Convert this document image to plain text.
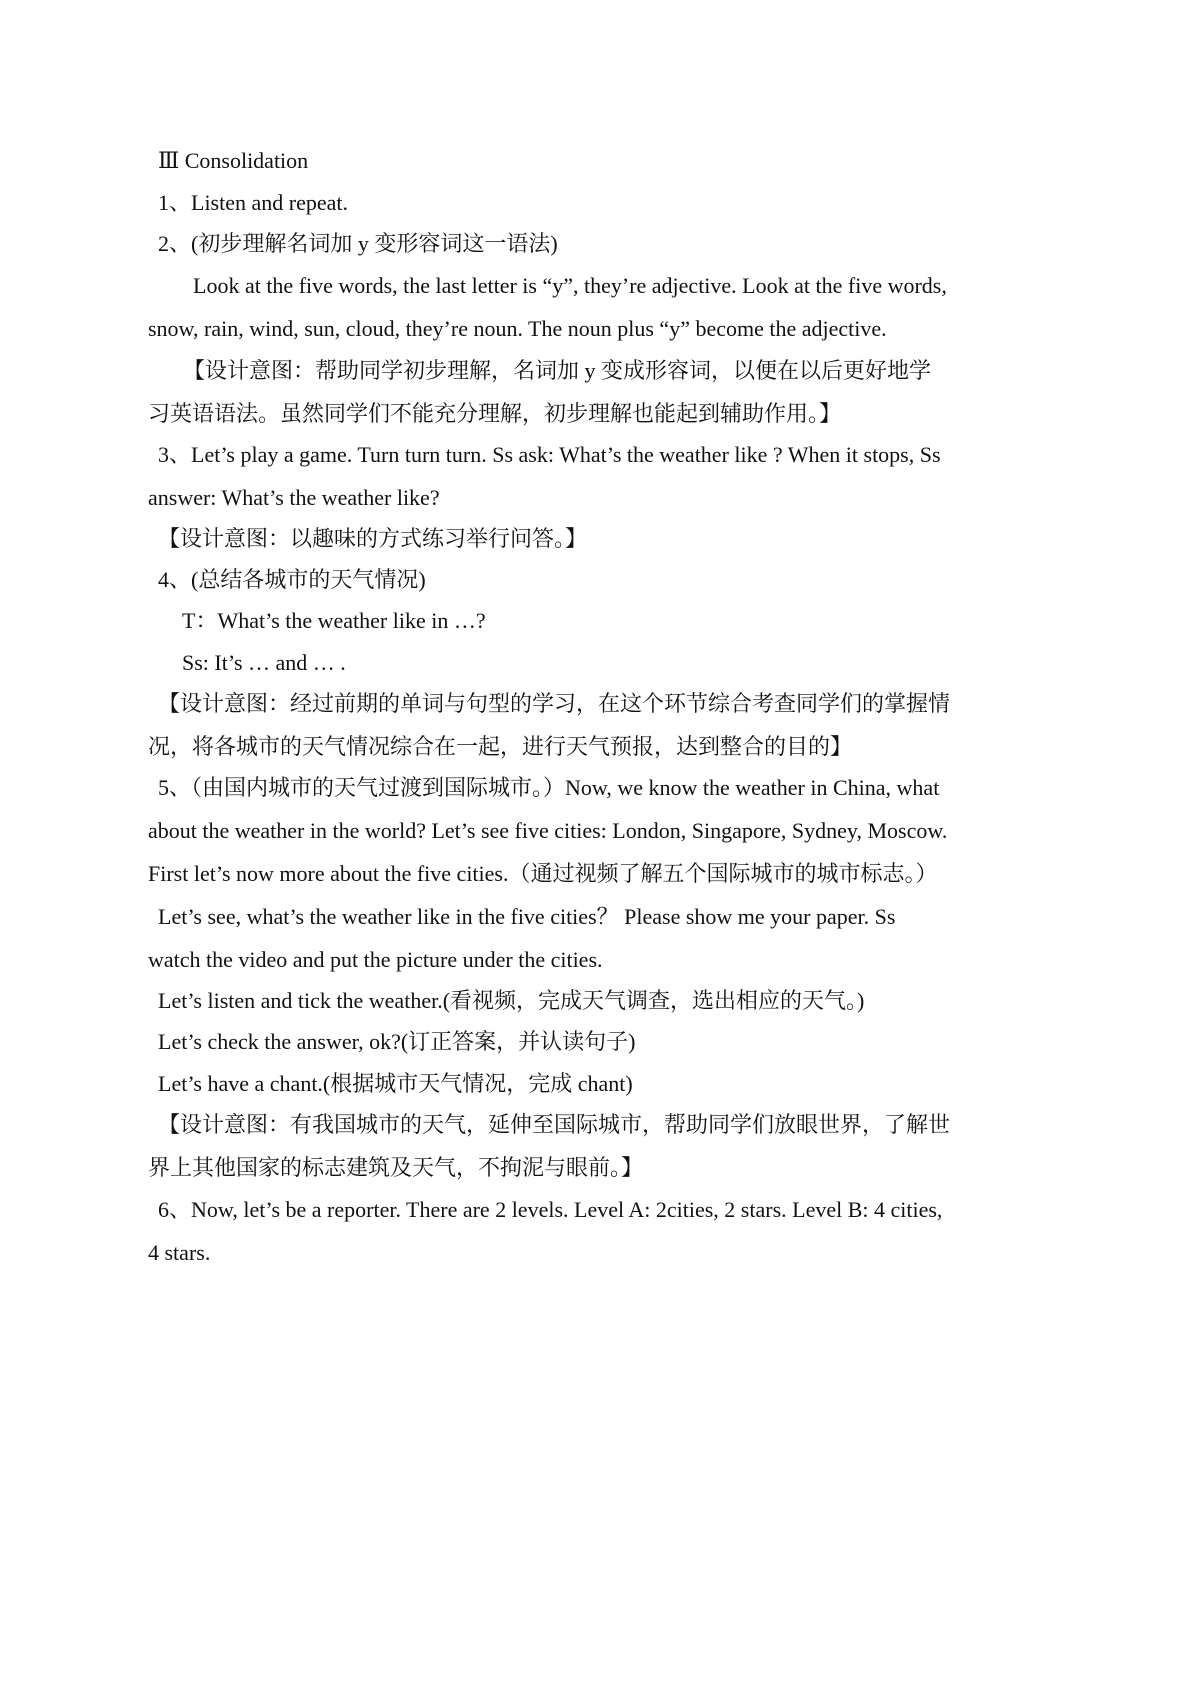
Ⅲ Consolidation
1、Listen and repeat.
2、(初步理解名词加 y 变形容词这一语法)
Look at the five words, the last letter is “y”, they’re adjective. Look at the five words,
snow, rain, wind, sun, cloud, they’re noun. The noun plus “y” become the adjective.
【设计意图：帮助同学初步理解，名词加 y 变成形容词，以便在以后更好地学
习英语语法。虽然同学们不能充分理解，初步理解也能起到辅助作用。】
3、Let’s play a game. Turn turn turn. Ss ask: What’s the weather like ? When it stops, Ss
answer: What’s the weather like?
【设计意图：以趣味的方式练习举行问答。】
4、(总结各城市的天气情况)
T：What’s the weather like in …?
Ss: It’s … and … .
【设计意图：经过前期的单词与句型的学习，在这个环节综合考查同学们的掌握情
况，将各城市的天气情况综合在一起，进行天气预报，达到整合的目的】
5、（由国内城市的天气过渡到国际城市。）Now, we know the weather in China, what
about the weather in the world? Let’s see five cities: London, Singapore, Sydney, Moscow.
First let’s now more about the five cities.（通过视频了解五个国际城市的城市标志。）
Let’s see, what’s the weather like in the five cities？ Please show me your paper. Ss
watch the video and put the picture under the cities.
Let’s listen and tick the weather.(看视频，完成天气调查，选出相应的天气。)
Let’s check the answer, ok?(订正答案，并认读句子)
Let’s have a chant.(根据城市天气情况，完成 chant)
【设计意图：有我国城市的天气，延伸至国际城市，帮助同学们放眼世界，了解世
界上其他国家的标志建筑及天气，不拘泥与眼前。】
6、Now, let’s be a reporter. There are 2 levels. Level A: 2cities, 2 stars. Level B: 4 cities,
4 stars.
